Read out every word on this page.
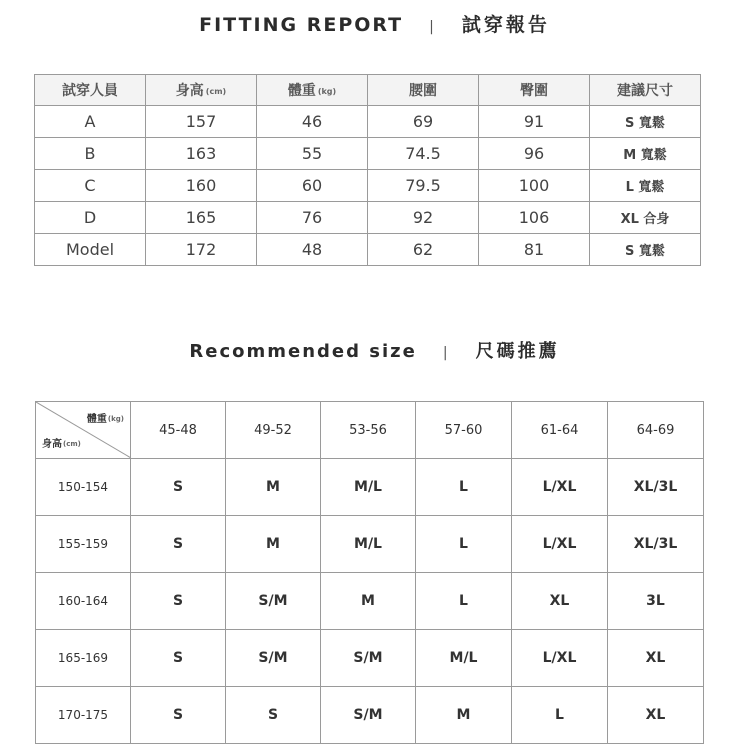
FITTING REPORT | 試穿報告
試穿人員	身高 (cm)	體重 (kg)	腰圍	臀圍	建議尺寸
A	157	46	69	91	S 寬鬆
B	163	55	74.5	96	M 寬鬆
C	160	60	79.5	100	L 寬鬆
D	165	76	92	106	XL 合身
Model	172	48	62	81	S 寬鬆
Recommended size | 尺碼推薦
體重(kg)
身高(cm)	45-48	49-52	53-56	57-60	61-64	64-69
150-154	S	M	M/L	L	L/XL	XL/3L
155-159	S	M	M/L	L	L/XL	XL/3L
160-164	S	S/M	M	L	XL	3L
165-169	S	S/M	S/M	M/L	L/XL	XL
170-175	S	S	S/M	M	L	XL
